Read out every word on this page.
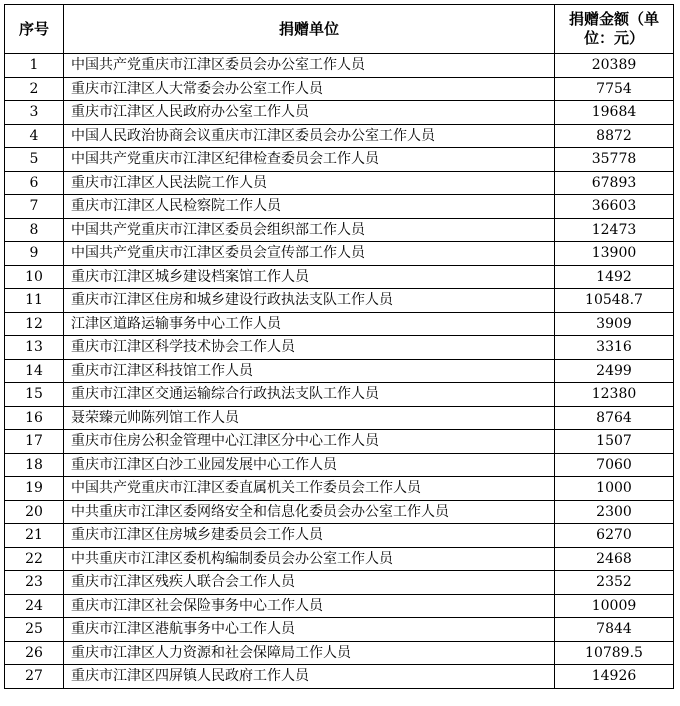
序号	捐赠单位	捐赠金额（单位：元）
1	中国共产党重庆市江津区委员会办公室工作人员	20389
2	重庆市江津区人大常委会办公室工作人员	7754
3	重庆市江津区人民政府办公室工作人员	19684
4	中国人民政治协商会议重庆市江津区委员会办公室工作人员	8872
5	中国共产党重庆市江津区纪律检查委员会工作人员	35778
6	重庆市江津区人民法院工作人员	67893
7	重庆市江津区人民检察院工作人员	36603
8	中国共产党重庆市江津区委员会组织部工作人员	12473
9	中国共产党重庆市江津区委员会宣传部工作人员	13900
10	重庆市江津区城乡建设档案馆工作人员	1492
11	重庆市江津区住房和城乡建设行政执法支队工作人员	10548.7
12	江津区道路运输事务中心工作人员	3909
13	重庆市江津区科学技术协会工作人员	3316
14	重庆市江津区科技馆工作人员	2499
15	重庆市江津区交通运输综合行政执法支队工作人员	12380
16	聂荣臻元帅陈列馆工作人员	8764
17	重庆市住房公积金管理中心江津区分中心工作人员	1507
18	重庆市江津区白沙工业园发展中心工作人员	7060
19	中国共产党重庆市江津区委直属机关工作委员会工作人员	1000
20	中共重庆市江津区委网络安全和信息化委员会办公室工作人员	2300
21	重庆市江津区住房城乡建委员会工作人员	6270
22	中共重庆市江津区委机构编制委员会办公室工作人员	2468
23	重庆市江津区残疾人联合会工作人员	2352
24	重庆市江津区社会保险事务中心工作人员	10009
25	重庆市江津区港航事务中心工作人员	7844
26	重庆市江津区人力资源和社会保障局工作人员	10789.5
27	重庆市江津区四屏镇人民政府工作人员	14926
